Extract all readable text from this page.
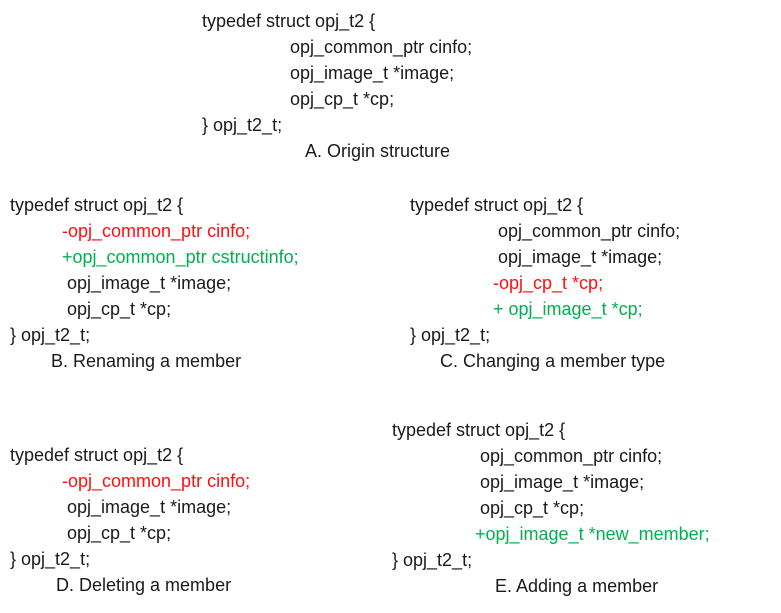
typedef struct opj_t2 {
opj_common_ptr cinfo;
opj_image_t *image;
opj_cp_t *cp;
} opj_t2_t;
A. Origin structure
typedef struct opj_t2 {
-opj_common_ptr cinfo;
+opj_common_ptr cstructinfo;
opj_image_t *image;
opj_cp_t *cp;
} opj_t2_t;
B. Renaming a member
typedef struct opj_t2 {
opj_common_ptr cinfo;
opj_image_t *image;
-opj_cp_t *cp;
+ opj_image_t *cp;
} opj_t2_t;
C. Changing a member type
typedef struct opj_t2 {
-opj_common_ptr cinfo;
opj_image_t *image;
opj_cp_t *cp;
} opj_t2_t;
D. Deleting a member
typedef struct opj_t2 {
opj_common_ptr cinfo;
opj_image_t *image;
opj_cp_t *cp;
+opj_image_t *new_member;
} opj_t2_t;
E. Adding a member
